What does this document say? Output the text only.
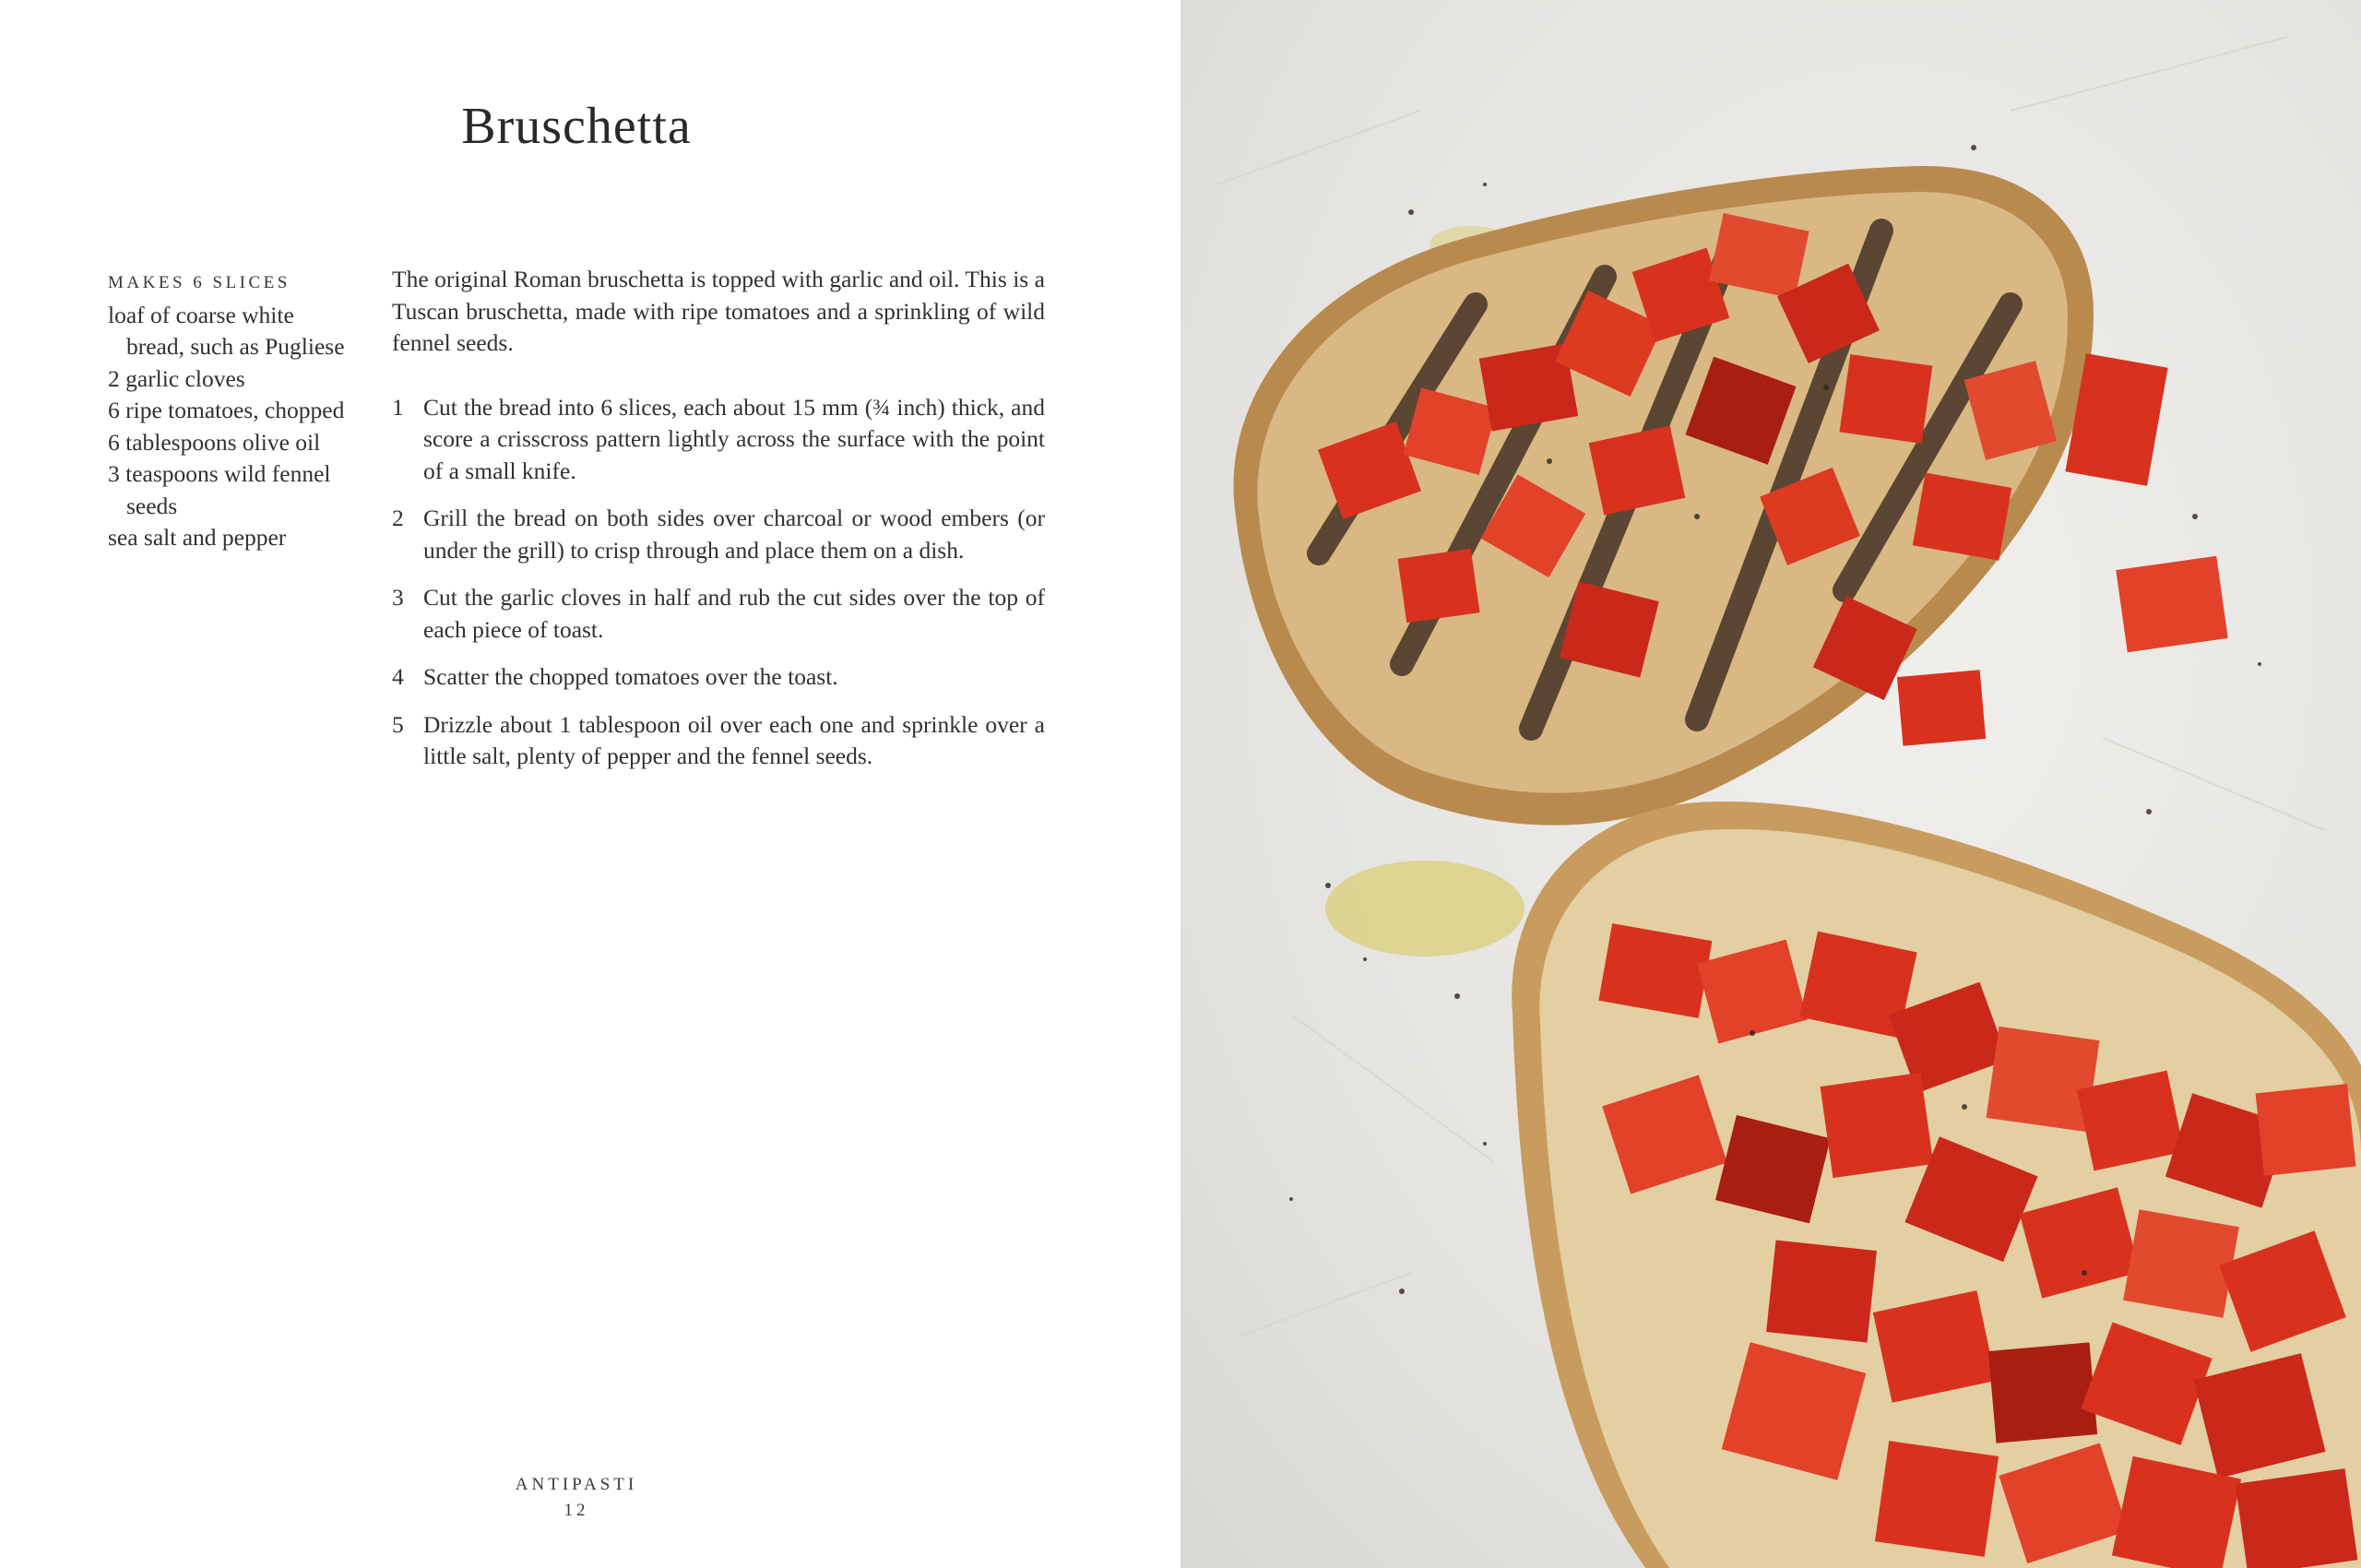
Bruschetta
MAKES 6 SLICES
loaf of coarse white bread, such as Pugliese
2 garlic cloves
6 ripe tomatoes, chopped
6 tablespoons olive oil
3 teaspoons wild fennel seeds
sea salt and pepper

The original Roman bruschetta is topped with garlic and oil. This is a Tuscan bruschetta, made with ripe tomatoes and a sprinkling of wild fennel seeds.

1 Cut the bread into 6 slices, each about 15 mm (¾ inch) thick, and score a crisscross pattern lightly across the surface with the point of a small knife.
2 Grill the bread on both sides over charcoal or wood embers (or under the grill) to crisp through and place them on a dish.
3 Cut the garlic cloves in half and rub the cut sides over the top of each piece of toast.
4 Scatter the chopped tomatoes over the toast.
5 Drizzle about 1 tablespoon oil over each one and sprinkle over a little salt, plenty of pepper and the fennel seeds.
ANTIPASTI
12
